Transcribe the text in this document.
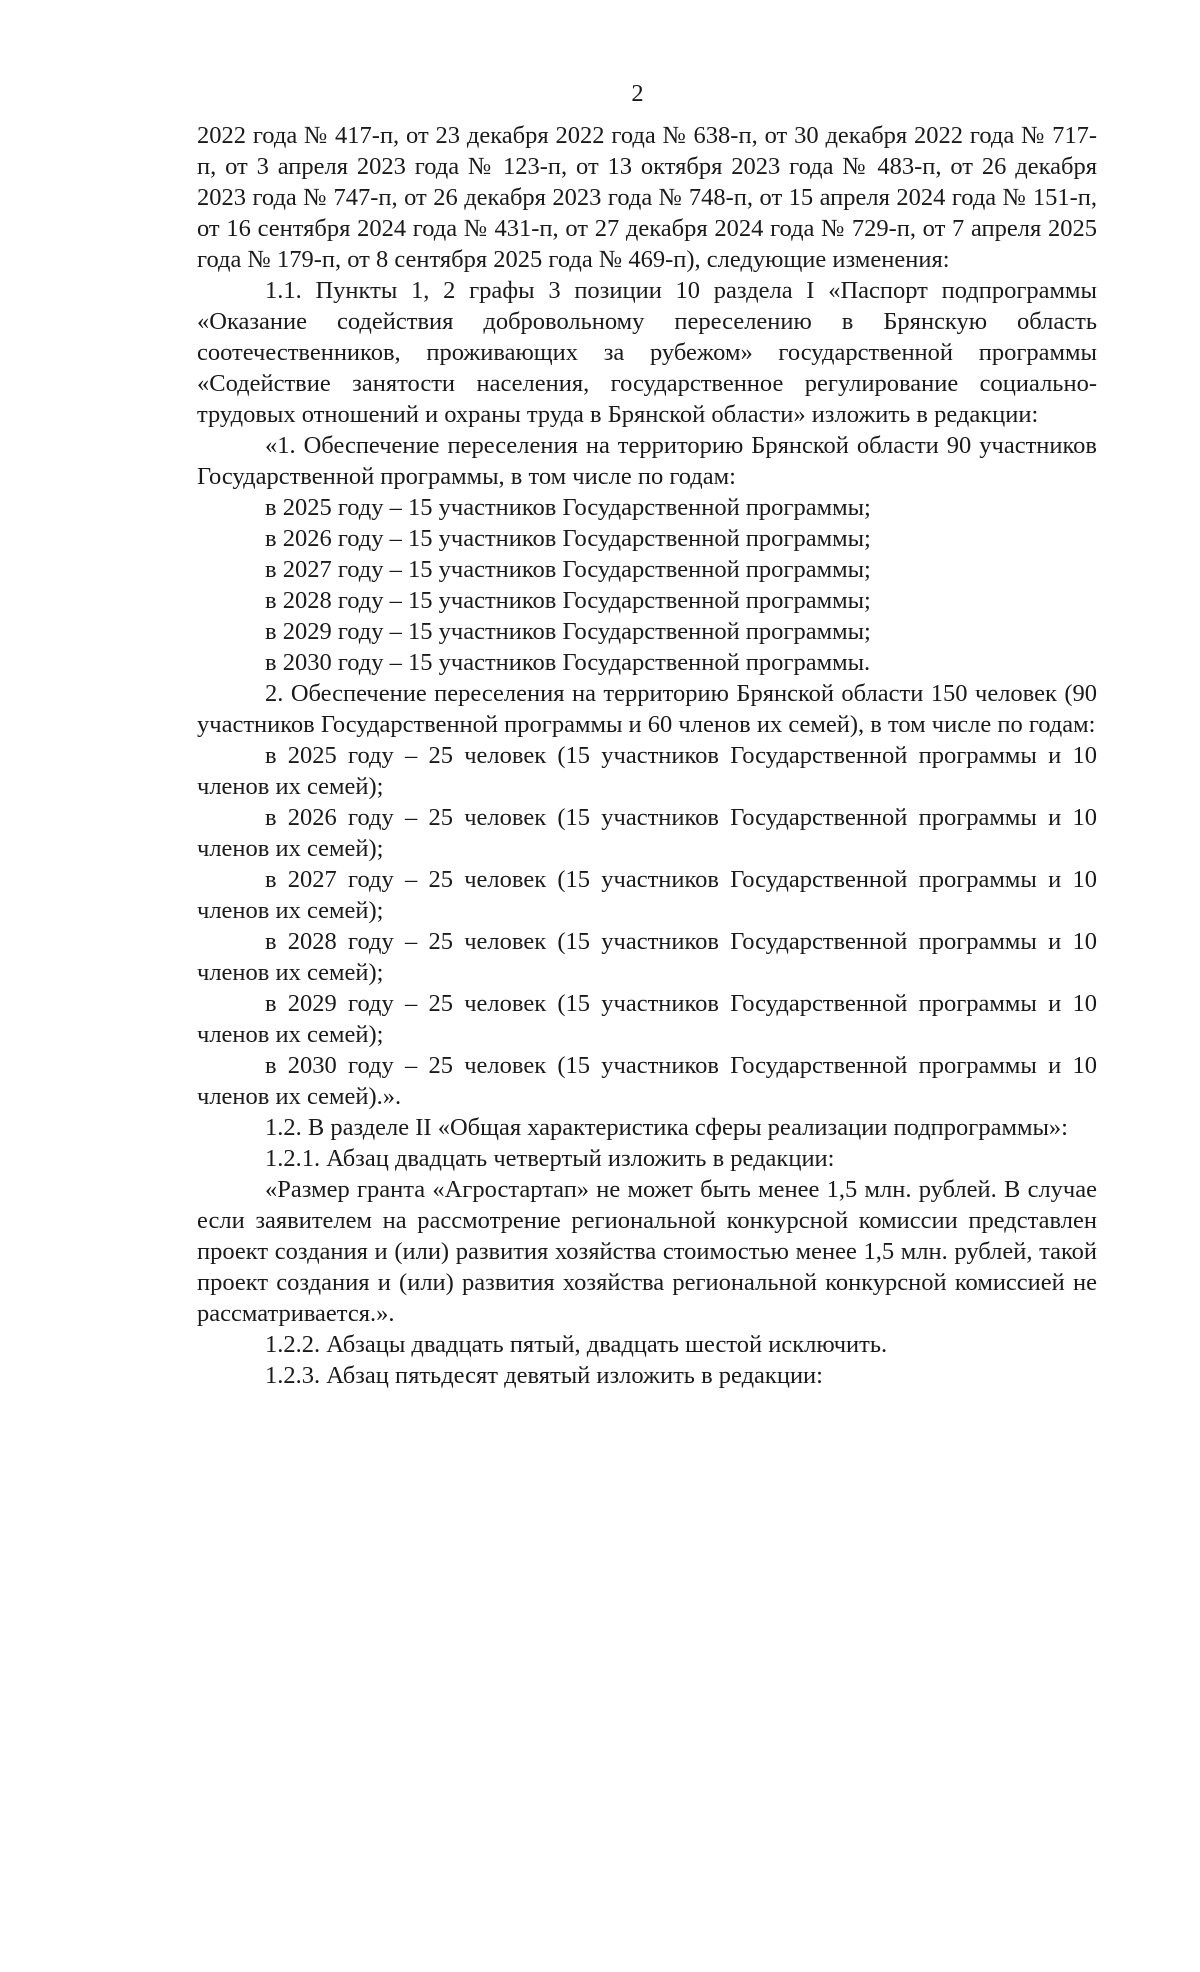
2

2022 года № 417-п, от 23 декабря 2022 года № 638-п, от 30 декабря 2022 года № 717-п, от 3 апреля 2023 года № 123-п, от 13 октября 2023 года № 483-п, от 26 декабря 2023 года № 747-п, от 26 декабря 2023 года № 748-п, от 15 апреля 2024 года № 151-п, от 16 сентября 2024 года № 431-п, от 27 декабря 2024 года № 729-п, от 7 апреля 2025 года № 179-п, от 8 сентября 2025 года № 469-п), следующие изменения:

1.1. Пункты 1, 2 графы 3 позиции 10 раздела I «Паспорт подпрограммы «Оказание содействия добровольному переселению в Брянскую область соотечественников, проживающих за рубежом» государственной программы «Содействие занятости населения, государственное регулирование социально-трудовых отношений и охраны труда в Брянской области» изложить в редакции:

«1. Обеспечение переселения на территорию Брянской области 90 участников Государственной программы, в том числе по годам:

в 2025 году – 15 участников Государственной программы;

в 2026 году – 15 участников Государственной программы;

в 2027 году – 15 участников Государственной программы;

в 2028 году – 15 участников Государственной программы;

в 2029 году – 15 участников Государственной программы;

в 2030 году – 15 участников Государственной программы.

2. Обеспечение переселения на территорию Брянской области 150 человек (90 участников Государственной программы и 60 членов их семей), в том числе по годам:

в 2025 году – 25 человек (15 участников Государственной программы и 10 членов их семей);

в 2026 году – 25 человек (15 участников Государственной программы и 10 членов их семей);

в 2027 году – 25 человек (15 участников Государственной программы и 10 членов их семей);

в 2028 году – 25 человек (15 участников Государственной программы и 10 членов их семей);

в 2029 году – 25 человек (15 участников Государственной программы и 10 членов их семей);

в 2030 году – 25 человек (15 участников Государственной программы и 10 членов их семей).».

1.2. В разделе II «Общая характеристика сферы реализации подпрограммы»:

1.2.1. Абзац двадцать четвертый изложить в редакции:

«Размер гранта «Агростартап» не может быть менее 1,5 млн. рублей. В случае если заявителем на рассмотрение региональной конкурсной комиссии представлен проект создания и (или) развития хозяйства стоимостью менее 1,5 млн. рублей, такой проект создания и (или) развития хозяйства региональной конкурсной комиссией не рассматривается.».

1.2.2. Абзацы двадцать пятый, двадцать шестой исключить.

1.2.3. Абзац пятьдесят девятый изложить в редакции:
